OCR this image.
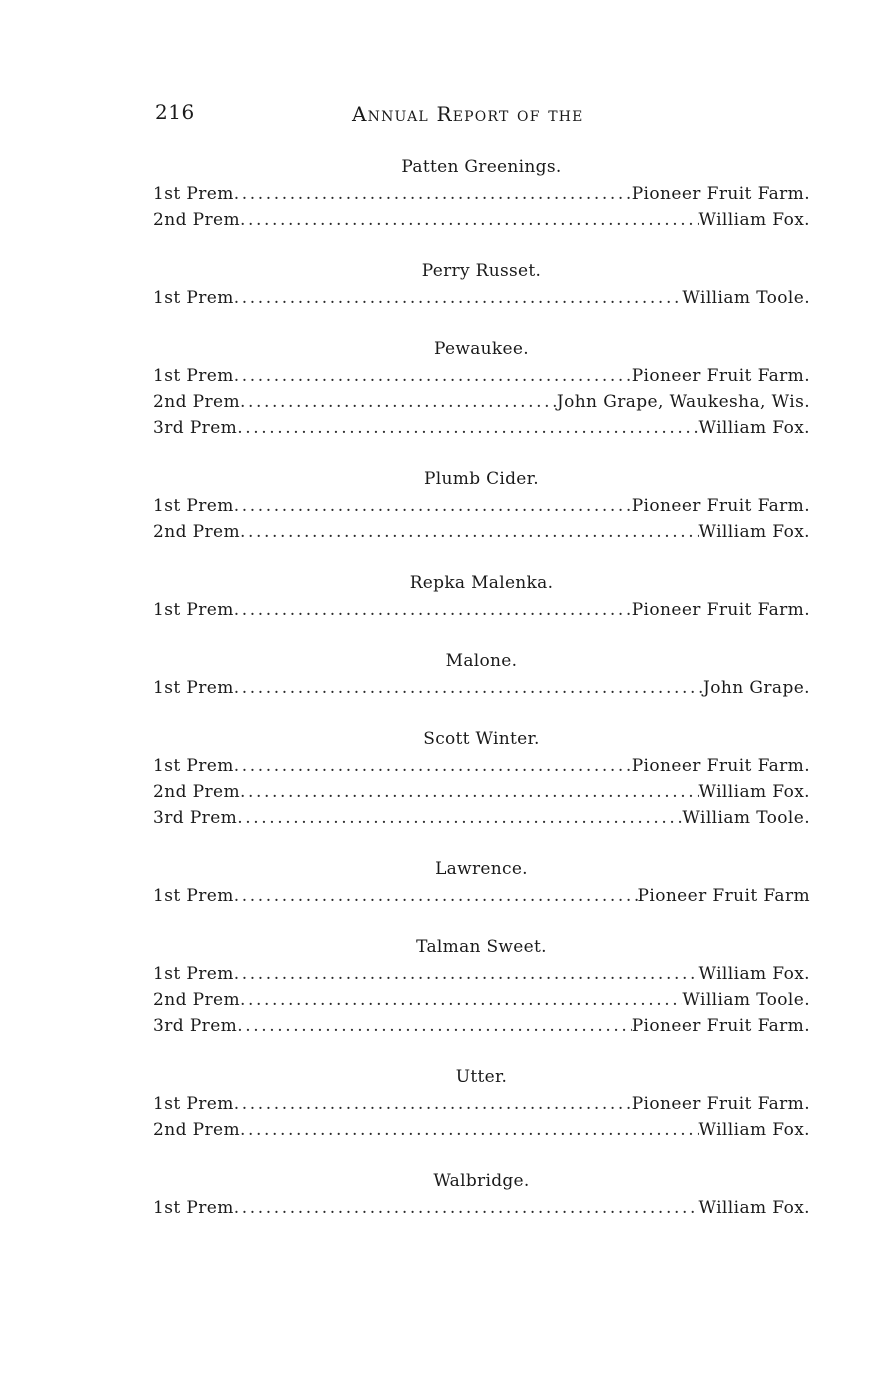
216	Annual Report of the
Patten Greenings.
1st Prem .....	Pioneer Fruit Farm.
2nd Prem .....	William Fox.
Perry Russet.
1st Prem .....	William Toole.
Pewaukee.
1st Prem .....	Pioneer Fruit Farm.
2nd Prem .....	John Grape, Waukesha, Wis.
3rd Prem .....	William Fox.
Plumb Cider.
1st Prem .....	Pioneer Fruit Farm.
2nd Prem .....	William Fox.
Repka Malenka.
1st Prem .....	Pioneer Fruit Farm.
Malone.
1st Prem .....	John Grape.
Scott Winter.
1st Prem .....	Pioneer Fruit Farm.
2nd Prem .....	William Fox.
3rd Prem .....	William Toole.
Lawrence.
1st Prem .....	Pioneer Fruit Farm
Talman Sweet.
1st Prem .....	William Fox.
2nd Prem .....	William Toole.
3rd Prem .....	Pioneer Fruit Farm.
Utter.
1st Prem .....	Pioneer Fruit Farm.
2nd Prem .....	William Fox.
Walbridge.
1st Prem .....	William Fox.
